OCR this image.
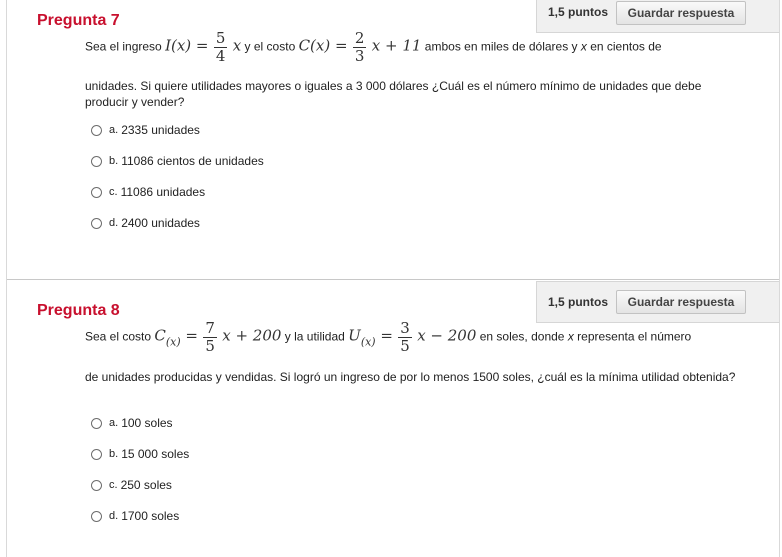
Pregunta 7	1,5 puntos	Guardar respuesta
Sea el ingreso $I(x) = \frac{5}{4}$ x y el costo $C(x) = \frac{2}{3}$ x + 11 ambos en miles de dólares y x en cientos de
unidades. Si quiere utilidades mayores o iguales a 3 000 dólares ¿Cuál es el número mínimo de unidades que debe producir y vender?
a. 2335 unidades
b. 11086 cientos de unidades
c. 11086 unidades
d. 2400 unidades
Pregunta 8	1,5 puntos	Guardar respuesta
Sea el costo $C(x) = \frac{7}{5}$ x + 200 y la utilidad $U(x) = \frac{3}{5}$ x − 200 en soles, donde x representa el número
de unidades producidas y vendidas. Si logró un ingreso de por lo menos 1500 soles, ¿cuál es la mínima utilidad obtenida?
a. 100 soles
b. 15 000 soles
c. 250 soles
d. 1700 soles
